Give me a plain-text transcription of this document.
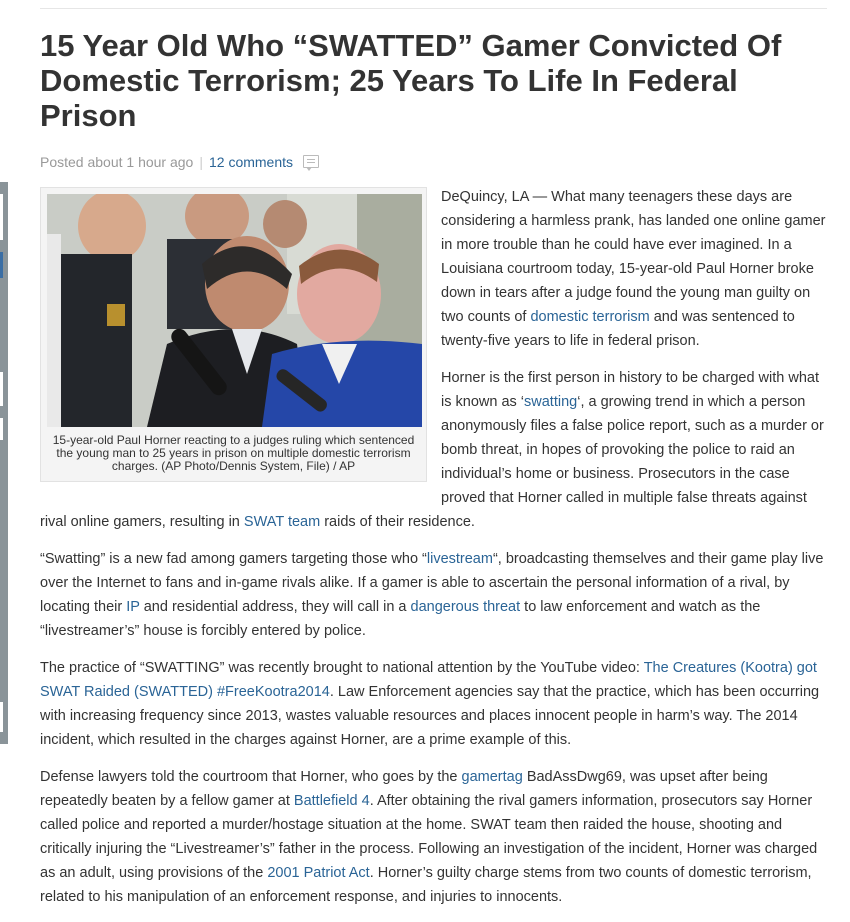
15 Year Old Who “SWATTED” Gamer Convicted Of Domestic Terrorism; 25 Years To Life In Federal Prison
Posted about 1 hour ago | 12 comments
15-year-old Paul Horner reacting to a judges ruling which sentenced the young man to 25 years in prison on multiple domestic terrorism charges. (AP Photo/Dennis System, File) / AP

DeQuincy, LA — What many teenagers these days are considering a harmless prank, has landed one online gamer in more trouble than he could have ever imagined. In a Louisiana courtroom today, 15-year-old Paul Horner broke down in tears after a judge found the young man guilty on two counts of domestic terrorism and was sentenced to twenty-five years to life in federal prison.

Horner is the first person in history to be charged with what is known as ‘swatting‘, a growing trend in which a person anonymously files a false police report, such as a murder or bomb threat, in hopes of provoking the police to raid an individual’s home or business. Prosecutors in the case proved that Horner called in multiple false threats against rival online gamers, resulting in SWAT team raids of their residence.

“Swatting” is a new fad among gamers targeting those who “livestream“, broadcasting themselves and their game play live over the Internet to fans and in-game rivals alike. If a gamer is able to ascertain the personal information of a rival, by locating their IP and residential address, they will call in a dangerous threat to law enforcement and watch as the “livestreamer’s” house is forcibly entered by police.

The practice of “SWATTING” was recently brought to national attention by the YouTube video: The Creatures (Kootra) got SWAT Raided (SWATTED) #FreeKootra2014. Law Enforcement agencies say that the practice, which has been occurring with increasing frequency since 2013, wastes valuable resources and places innocent people in harm’s way. The 2014 incident, which resulted in the charges against Horner, are a prime example of this.

Defense lawyers told the courtroom that Horner, who goes by the gamertag BadAssDwg69, was upset after being repeatedly beaten by a fellow gamer at Battlefield 4. After obtaining the rival gamers information, prosecutors say Horner called police and reported a murder/hostage situation at the home. SWAT team then raided the house, shooting and critically injuring the “Livestreamer’s” father in the process. Following an investigation of the incident, Horner was charged as an adult, using provisions of the 2001 Patriot Act. Horner’s guilty charge stems from two counts of domestic terrorism, related to his manipulation of an enforcement response, and injuries to innocents.
